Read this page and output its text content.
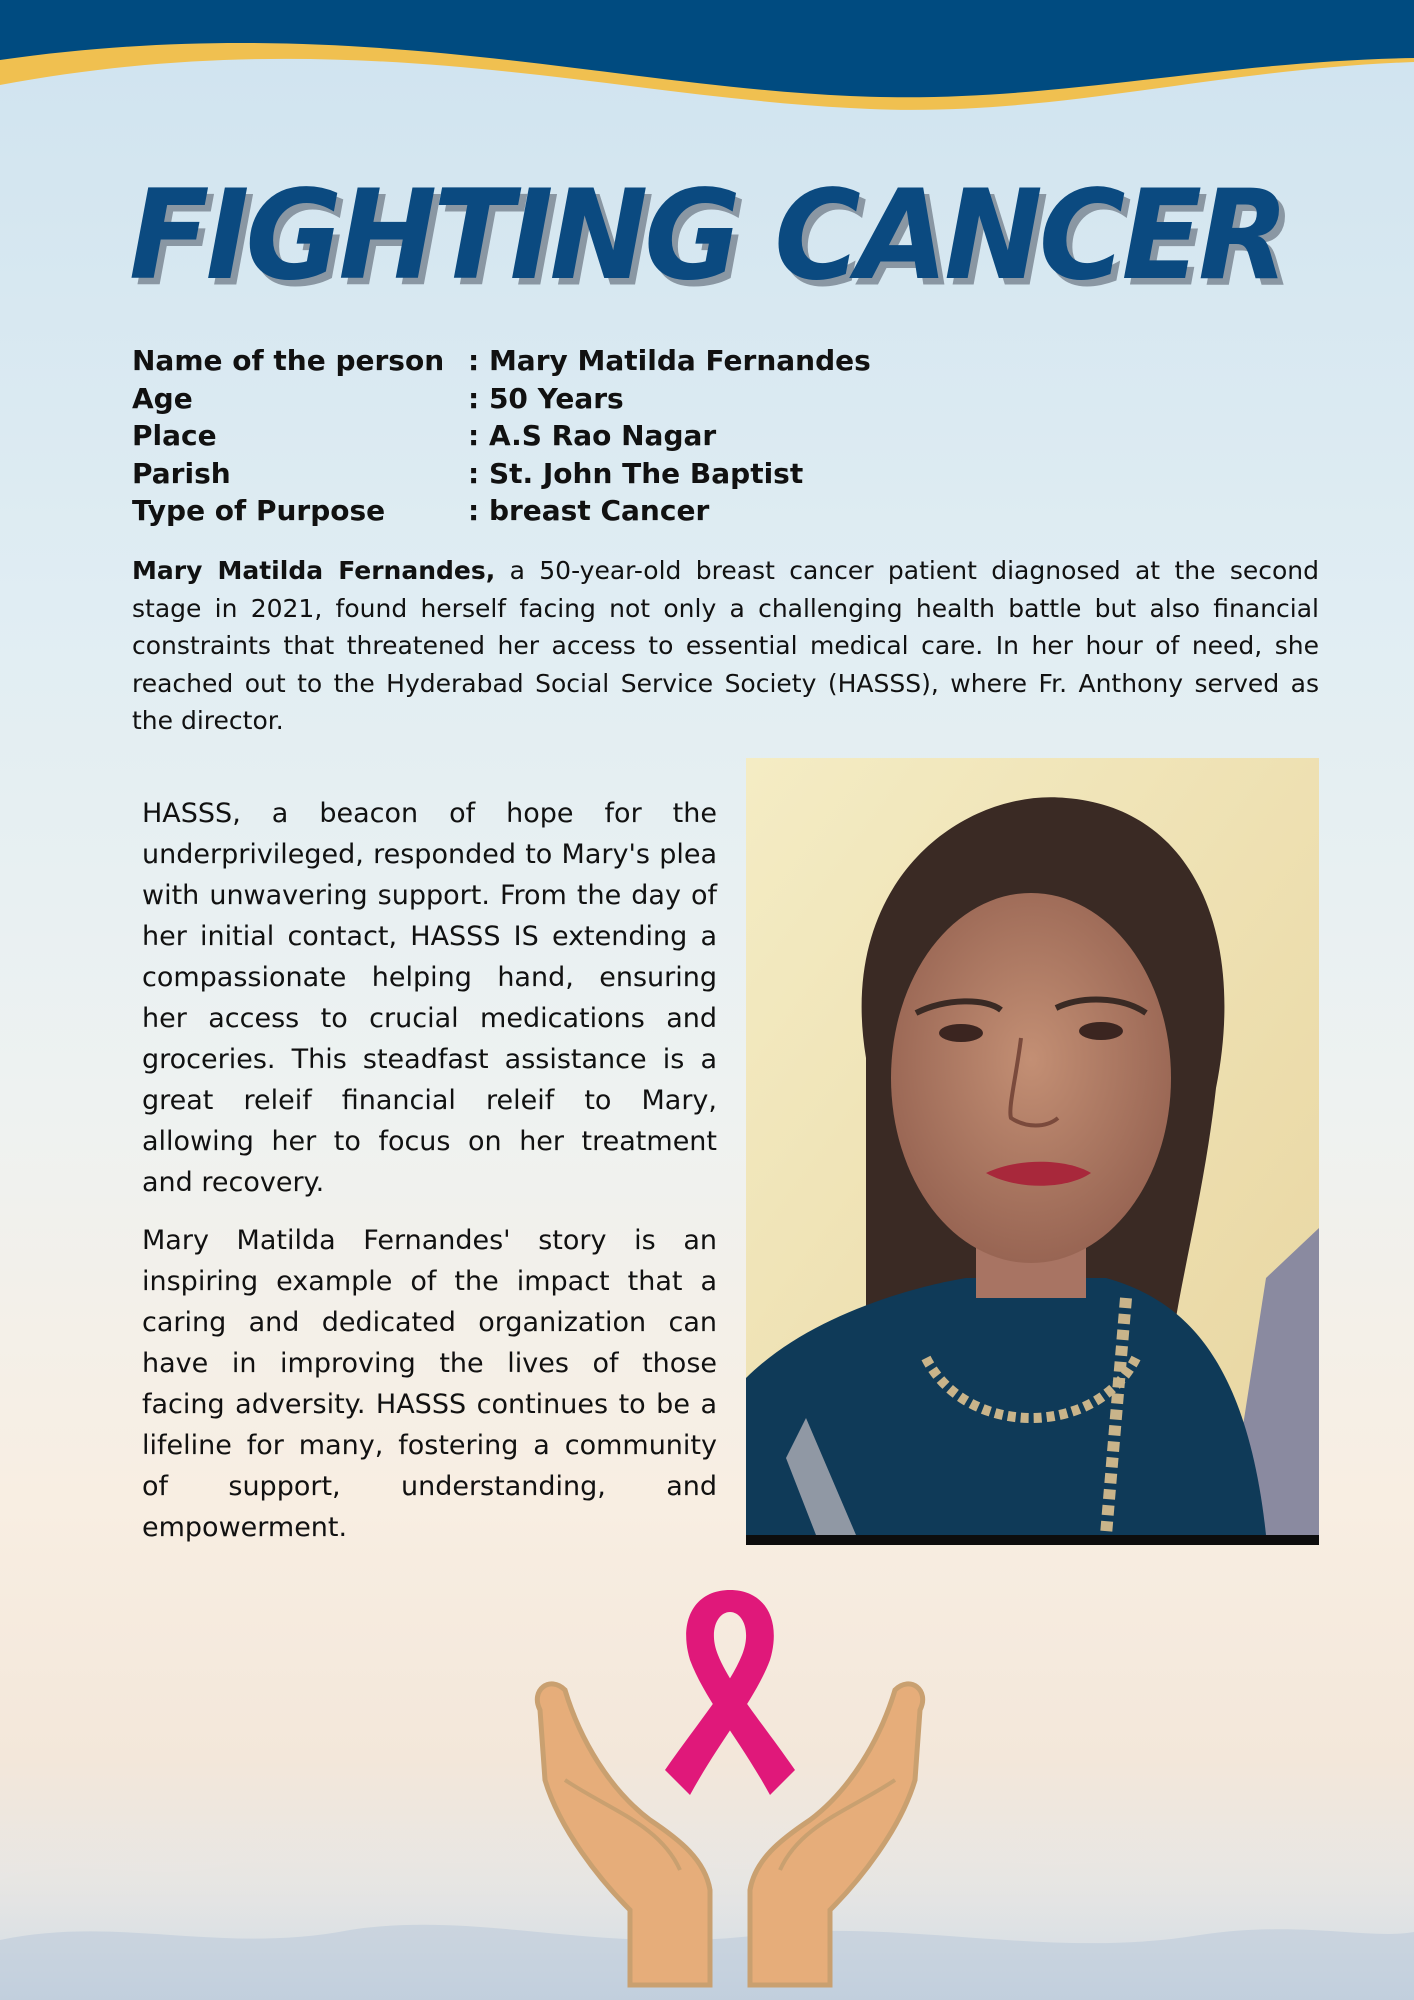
FIGHTING CANCER
Name of the person : Mary Matilda Fernandes
Age	: 50 Years
Place	: A.S Rao Nagar
Parish	: St. John The Baptist
Type of Purpose	: breast Cancer

Mary Matilda Fernandes, a 50-year-old breast cancer patient diagnosed at the second stage in 2021, found herself facing not only a challenging health battle but also financial constraints that threatened her access to essential medical care. In her hour of need, she reached out to the Hyderabad Social Service Society (HASSS), where Fr. Anthony served as the director.

HASSS, a beacon of hope for the underprivileged, responded to Mary's plea with unwavering support. From the day of her initial contact, HASSS IS extending a compassionate helping hand, ensuring her access to crucial medications and groceries. This steadfast assistance is a great releif financial releif to Mary, allowing her to focus on her treatment and recovery.

Mary Matilda Fernandes' story is an inspiring example of the impact that a caring and dedicated organization can have in improving the lives of those facing adversity. HASSS continues to be a lifeline for many, fostering a community of support, understanding, and empowerment.
